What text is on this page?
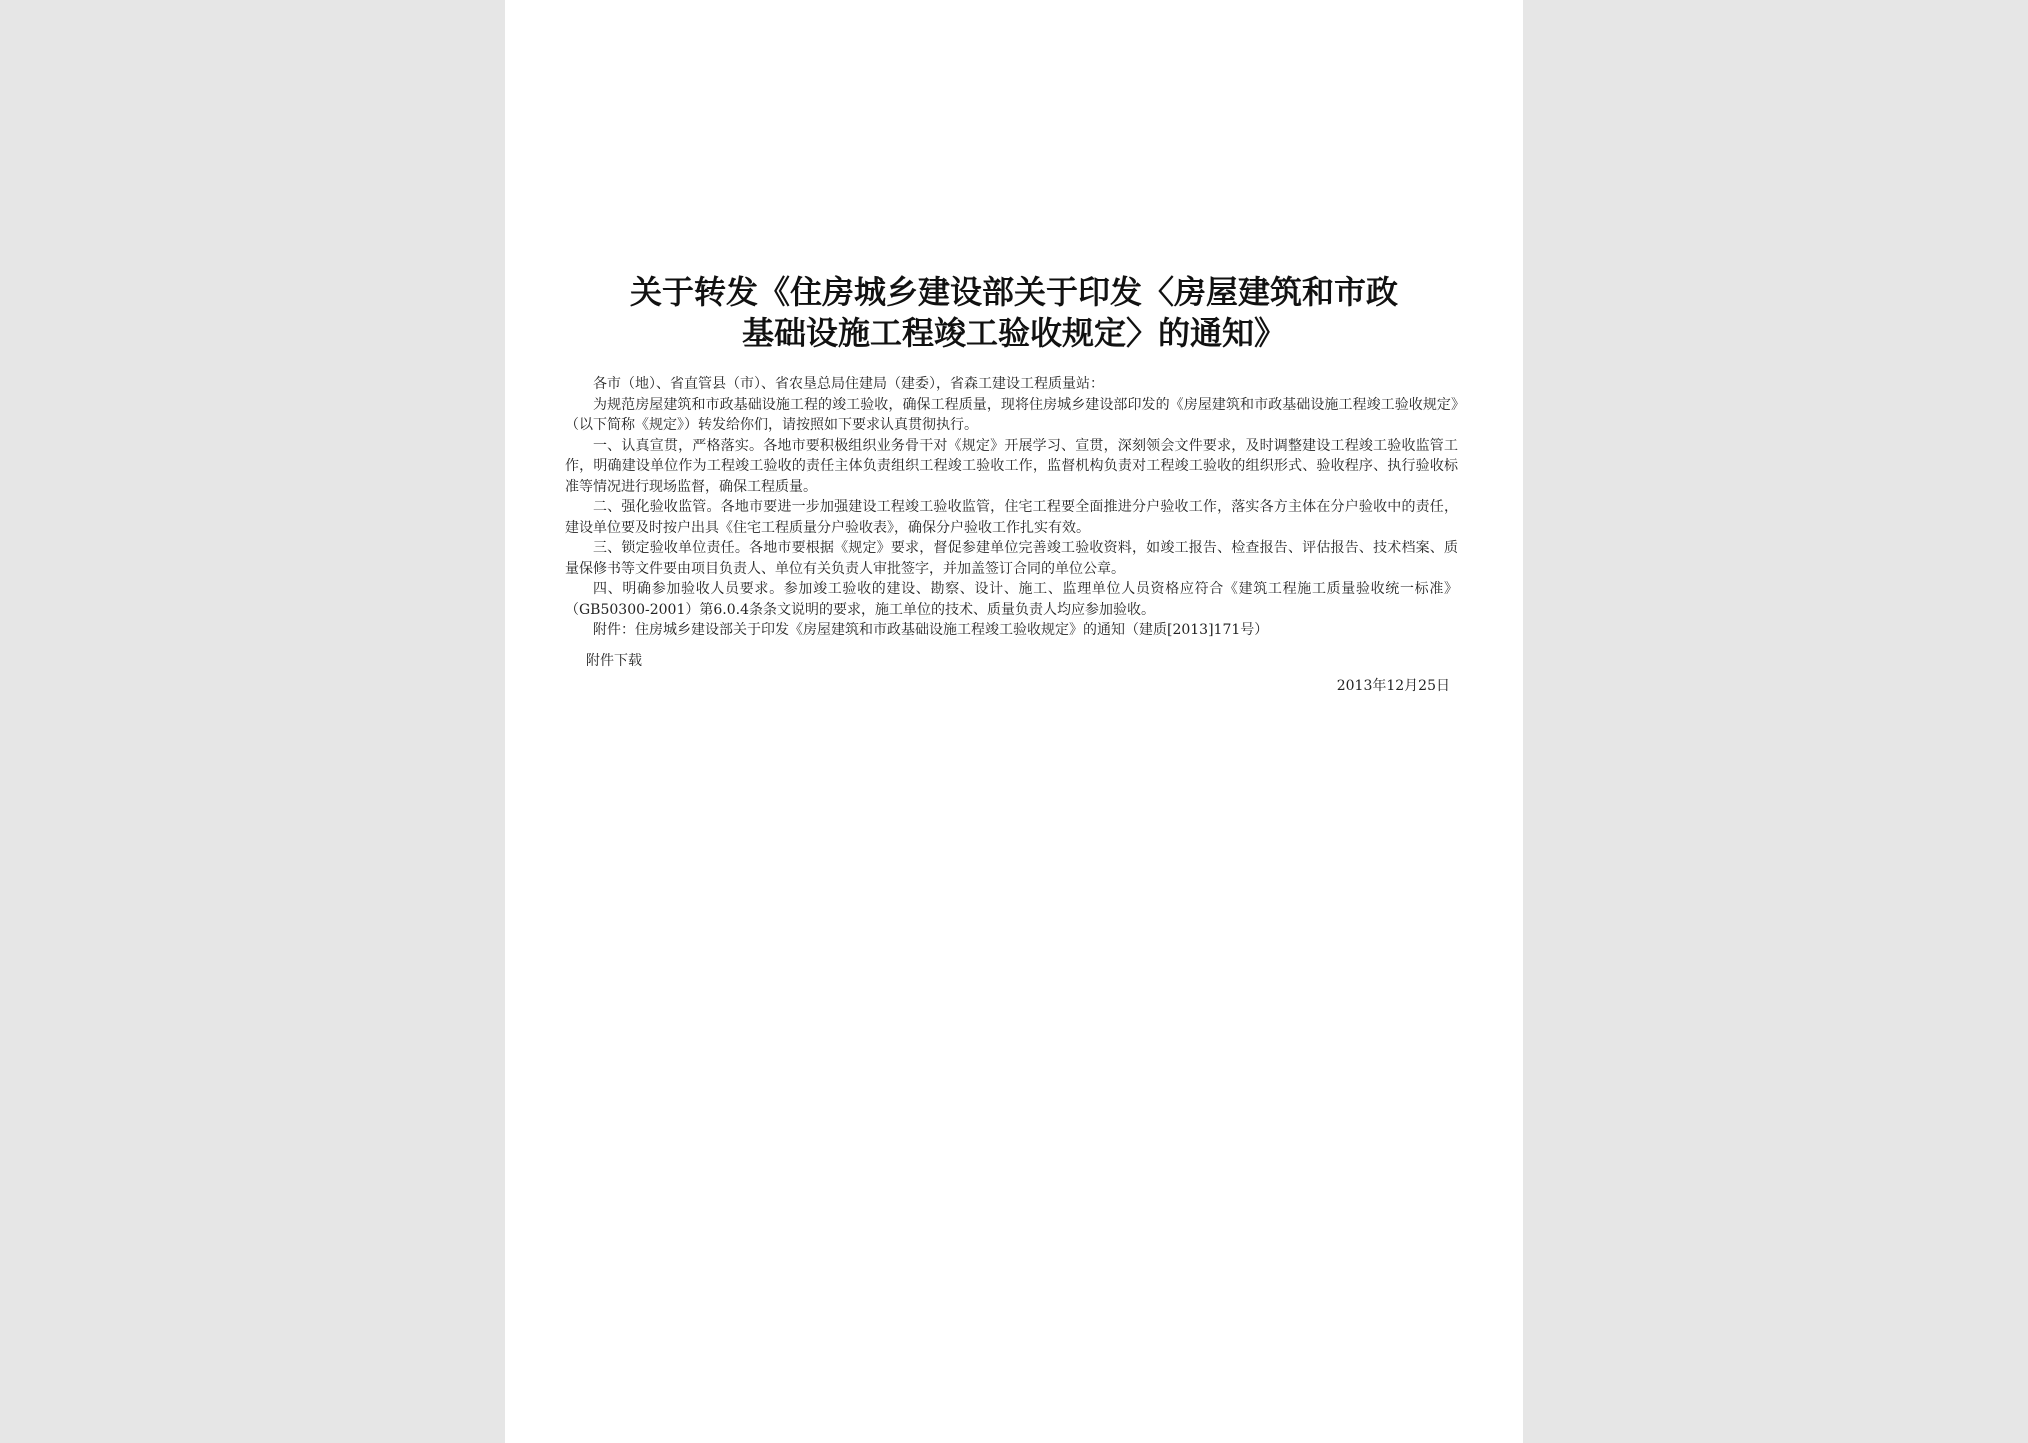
关于转发《住房城乡建设部关于印发〈房屋建筑和市政
基础设施工程竣工验收规定〉的通知》

各市（地）、省直管县（市）、省农垦总局住建局（建委），省森工建设工程质量站：

为规范房屋建筑和市政基础设施工程的竣工验收，确保工程质量，现将住房城乡建设部印发的《房屋建筑和市政基础设施工程竣工验收规定》（以下简称《规定》）转发给你们，请按照如下要求认真贯彻执行。

一、认真宣贯，严格落实。各地市要积极组织业务骨干对《规定》开展学习、宣贯，深刻领会文件要求，及时调整建设工程竣工验收监管工作，明确建设单位作为工程竣工验收的责任主体负责组织工程竣工验收工作，监督机构负责对工程竣工验收的组织形式、验收程序、执行验收标准等情况进行现场监督，确保工程质量。

二、强化验收监管。各地市要进一步加强建设工程竣工验收监管，住宅工程要全面推进分户验收工作，落实各方主体在分户验收中的责任，建设单位要及时按户出具《住宅工程质量分户验收表》，确保分户验收工作扎实有效。

三、锁定验收单位责任。各地市要根据《规定》要求，督促参建单位完善竣工验收资料，如竣工报告、检查报告、评估报告、技术档案、质量保修书等文件要由项目负责人、单位有关负责人审批签字，并加盖签订合同的单位公章。

四、明确参加验收人员要求。参加竣工验收的建设、勘察、设计、施工、监理单位人员资格应符合《建筑工程施工质量验收统一标准》（GB50300-2001）第6.0.4条条文说明的要求，施工单位的技术、质量负责人均应参加验收。

附件：住房城乡建设部关于印发《房屋建筑和市政基础设施工程竣工验收规定》的通知（建质[2013]171号）

附件下载
2013年12月25日
